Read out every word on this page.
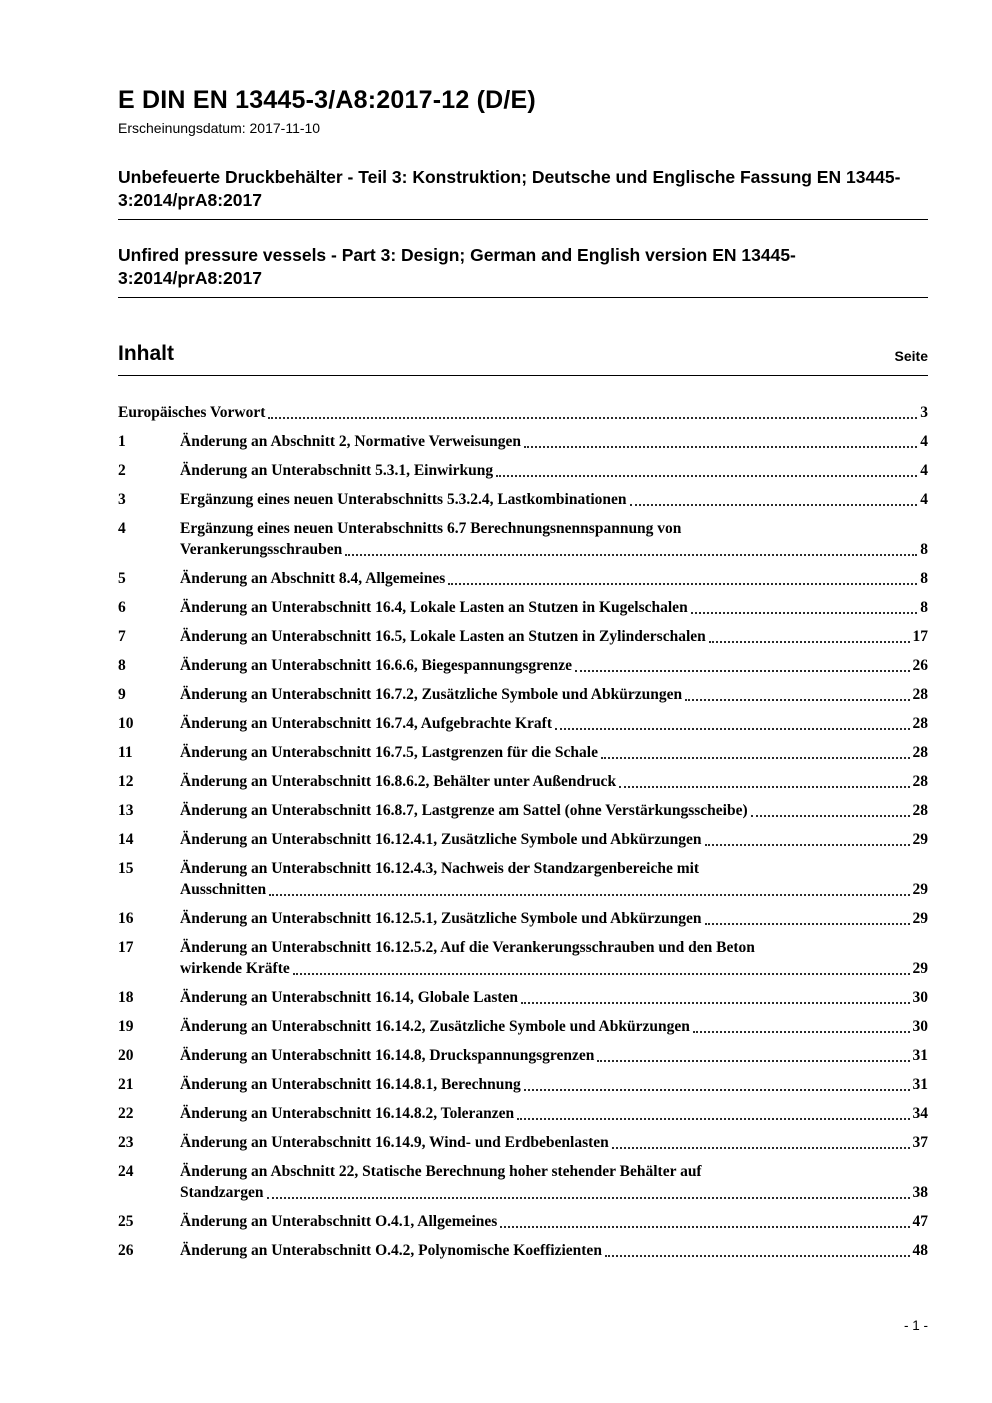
E DIN EN 13445-3/A8:2017-12 (D/E)
Erscheinungsdatum: 2017-11-10
Unbefeuerte Druckbehälter - Teil 3: Konstruktion; Deutsche und Englische Fassung EN 13445-3:2014/prA8:2017
Unfired pressure vessels - Part 3: Design; German and English version EN 13445-3:2014/prA8:2017
Inhalt	Seite
Europäisches Vorwort	3
1	Änderung an Abschnitt 2, Normative Verweisungen	4
2	Änderung an Unterabschnitt 5.3.1, Einwirkung	4
3	Ergänzung eines neuen Unterabschnitts 5.3.2.4, Lastkombinationen	4
4	Ergänzung eines neuen Unterabschnitts 6.7 Berechnungsnennspannung von
Verankerungsschrauben	8
5	Änderung an Abschnitt 8.4, Allgemeines	8
6	Änderung an Unterabschnitt 16.4, Lokale Lasten an Stutzen in Kugelschalen	8
7	Änderung an Unterabschnitt 16.5, Lokale Lasten an Stutzen in Zylinderschalen	17
8	Änderung an Unterabschnitt 16.6.6, Biegespannungsgrenze	26
9	Änderung an Unterabschnitt 16.7.2, Zusätzliche Symbole und Abkürzungen	28
10	Änderung an Unterabschnitt 16.7.4, Aufgebrachte Kraft	28
11	Änderung an Unterabschnitt 16.7.5, Lastgrenzen für die Schale	28
12	Änderung an Unterabschnitt 16.8.6.2, Behälter unter Außendruck	28
13	Änderung an Unterabschnitt 16.8.7, Lastgrenze am Sattel (ohne Verstärkungsscheibe)	28
14	Änderung an Unterabschnitt 16.12.4.1, Zusätzliche Symbole und Abkürzungen	29
15	Änderung an Unterabschnitt 16.12.4.3, Nachweis der Standzargenbereiche mit
Ausschnitten	29
16	Änderung an Unterabschnitt 16.12.5.1, Zusätzliche Symbole und Abkürzungen	29
17	Änderung an Unterabschnitt 16.12.5.2, Auf die Verankerungsschrauben und den Beton
wirkende Kräfte	29
18	Änderung an Unterabschnitt 16.14, Globale Lasten	30
19	Änderung an Unterabschnitt 16.14.2, Zusätzliche Symbole und Abkürzungen	30
20	Änderung an Unterabschnitt 16.14.8, Druckspannungsgrenzen	31
21	Änderung an Unterabschnitt 16.14.8.1, Berechnung	31
22	Änderung an Unterabschnitt 16.14.8.2, Toleranzen	34
23	Änderung an Unterabschnitt 16.14.9, Wind- und Erdbebenlasten	37
24	Änderung an Abschnitt 22, Statische Berechnung hoher stehender Behälter auf
Standzargen	38
25	Änderung an Unterabschnitt O.4.1, Allgemeines	47
26	Änderung an Unterabschnitt O.4.2, Polynomische Koeffizienten	48
- 1 -
